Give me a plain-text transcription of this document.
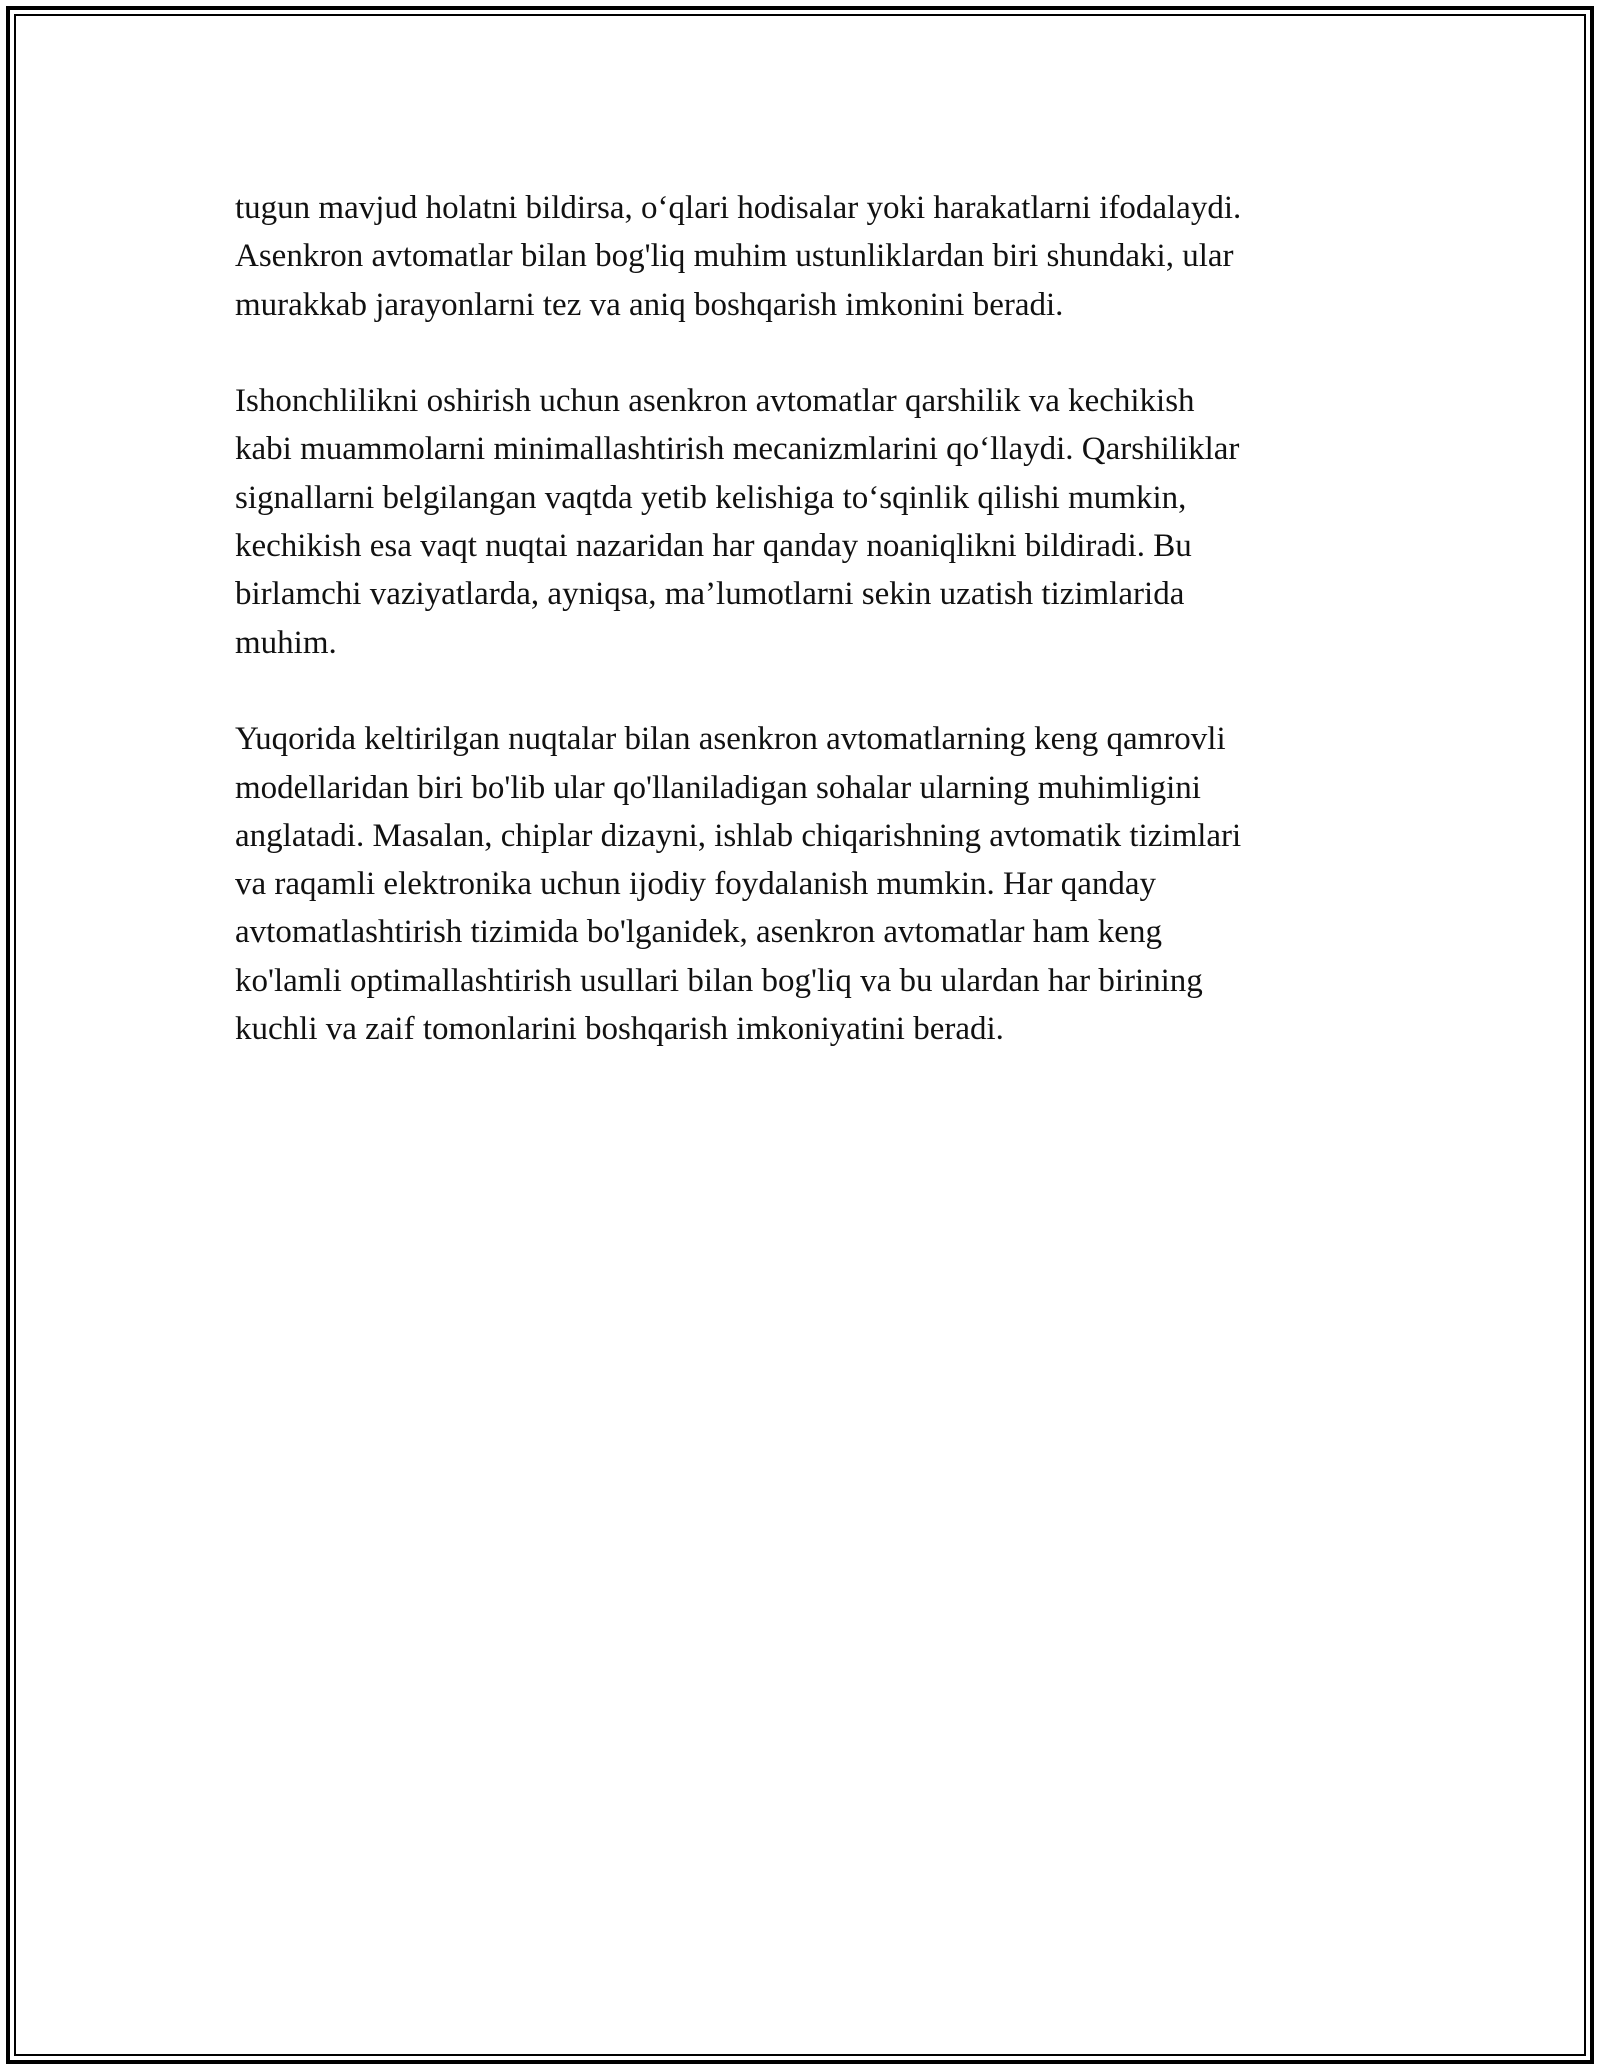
tugun mavjud holatni bildirsa, o‘qlari hodisalar yoki harakatlarni ifodalaydi.
Asenkron avtomatlar bilan bog'liq muhim ustunliklardan biri shundaki, ular
murakkab jarayonlarni tez va aniq boshqarish imkonini beradi.

Ishonchlilikni oshirish uchun asenkron avtomatlar qarshilik va kechikish
kabi muammolarni minimallashtirish mecanizmlarini qo‘llaydi. Qarshiliklar
signallarni belgilangan vaqtda yetib kelishiga to‘sqinlik qilishi mumkin,
kechikish esa vaqt nuqtai nazaridan har qanday noaniqlikni bildiradi. Bu
birlamchi vaziyatlarda, ayniqsa, ma’lumotlarni sekin uzatish tizimlarida
muhim.

Yuqorida keltirilgan nuqtalar bilan asenkron avtomatlarning keng qamrovli
modellaridan biri bo'lib ular qo'llaniladigan sohalar ularning muhimligini
anglatadi. Masalan, chiplar dizayni, ishlab chiqarishning avtomatik tizimlari
va raqamli elektronika uchun ijodiy foydalanish mumkin. Har qanday
avtomatlashtirish tizimida bo'lganidek, asenkron avtomatlar ham keng
ko'lamli optimallashtirish usullari bilan bog'liq va bu ulardan har birining
kuchli va zaif tomonlarini boshqarish imkoniyatini beradi.
